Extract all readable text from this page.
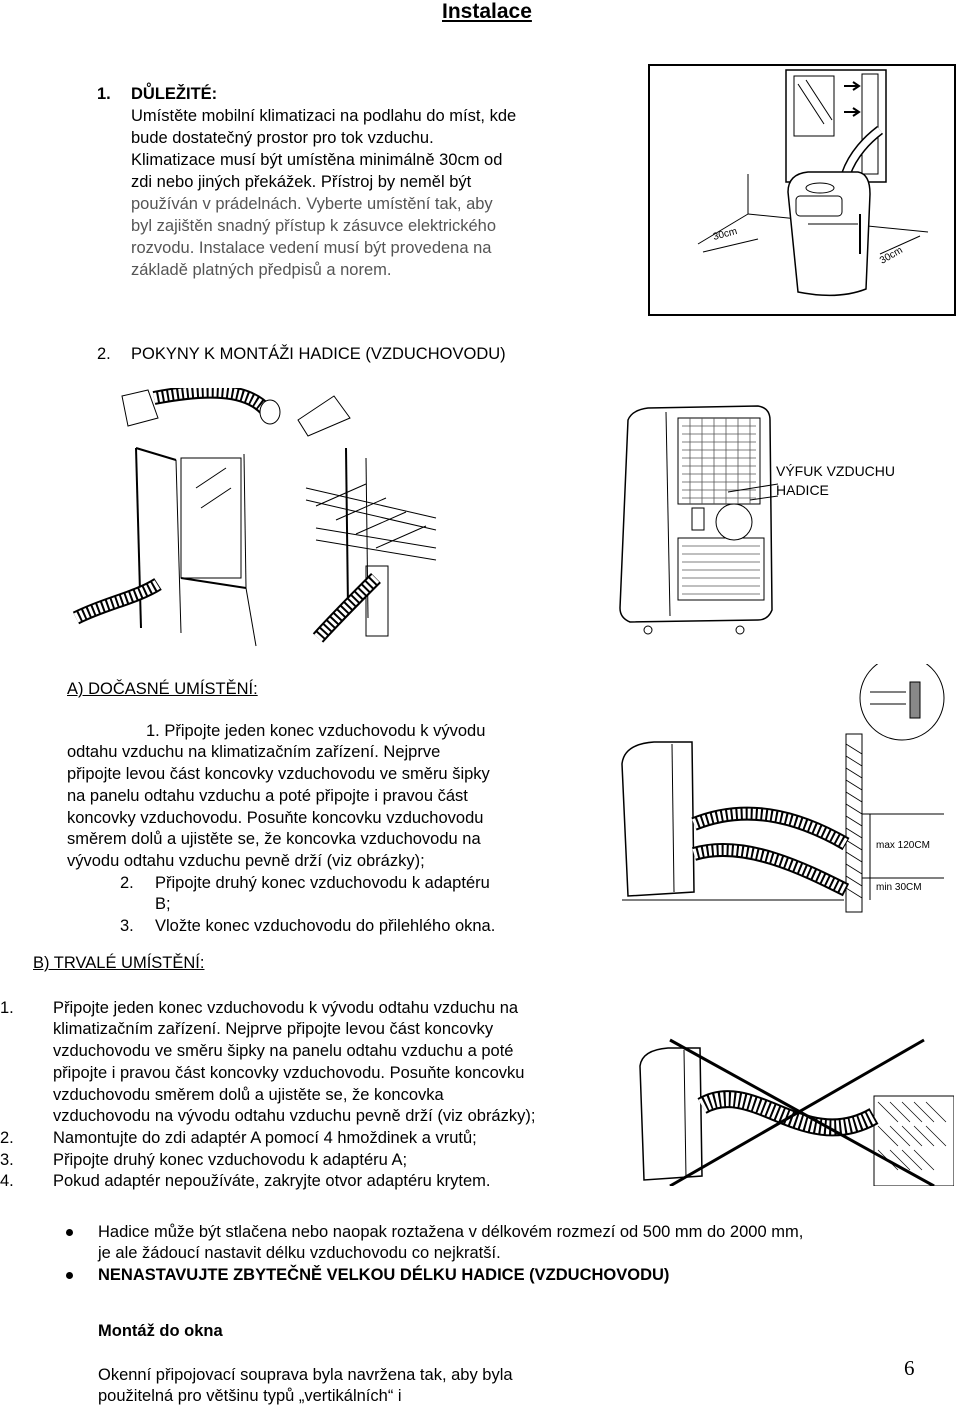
Instalace
1. DŮLEŽITÉ:
Umístěte mobilní klimatizaci na podlahu do míst, kde
bude dostatečný prostor pro tok vzduchu.
Klimatizace musí být umístěna minimálně 30cm od
zdi nebo jiných překážek. Přístroj by neměl být
používán v prádelnách. Vyberte umístění tak, aby
byl zajištěn snadný přístup k zásuvce elektrického
rozvodu. Instalace vedení musí být provedena na
základě platných předpisů a norem.
30cm
30cm
2. POKYNY K MONTÁŽI HADICE (VZDUCHOVODU)
VÝFUK VZDUCHU
HADICE
A) DOČASNÉ UMÍSTĚNÍ:
1. Připojte jeden konec vzduchovodu k vývodu
odtahu vzduchu na klimatizačním zařízení. Nejprve
připojte levou část koncovky vzduchovodu ve směru šipky
na panelu odtahu vzduchu a poté připojte i pravou část
koncovky vzduchovodu. Posuňte koncovku vzduchovodu
směrem dolů a ujistěte se, že koncovka vzduchovodu na
vývodu odtahu vzduchu pevně drží (viz obrázky);
2. Připojte druhý konec vzduchovodu k adaptéru
B;
3. Vložte konec vzduchovodu do přilehlého okna.
max 120CM
min 30CM
B) TRVALÉ UMÍSTĚNÍ:
1. Připojte jeden konec vzduchovodu k vývodu odtahu vzduchu na
klimatizačním zařízení. Nejprve připojte levou část koncovky
vzduchovodu ve směru šipky na panelu odtahu vzduchu a poté
připojte i pravou část koncovky vzduchovodu. Posuňte koncovku
vzduchovodu směrem dolů a ujistěte se, že koncovka
vzduchovodu na vývodu odtahu vzduchu pevně drží (viz obrázky);
2. Namontujte do zdi adaptér A pomocí 4 hmoždinek a vrutů;
3. Připojte druhý konec vzduchovodu k adaptéru A;
4. Pokud adaptér nepoužíváte, zakryjte otvor adaptéru krytem.
Hadice může být stlačena nebo naopak roztažena v délkovém rozmezí od 500 mm do 2000 mm,
je ale žádoucí nastavit délku vzduchovodu co nejkratší.
NENASTAVUJTE ZBYTEČNĚ VELKOU DÉLKU HADICE (VZDUCHOVODU)
Montáž do okna
Okenní připojovací souprava byla navržena tak, aby byla
použitelná pro většinu typů „vertikálních“ i
6
